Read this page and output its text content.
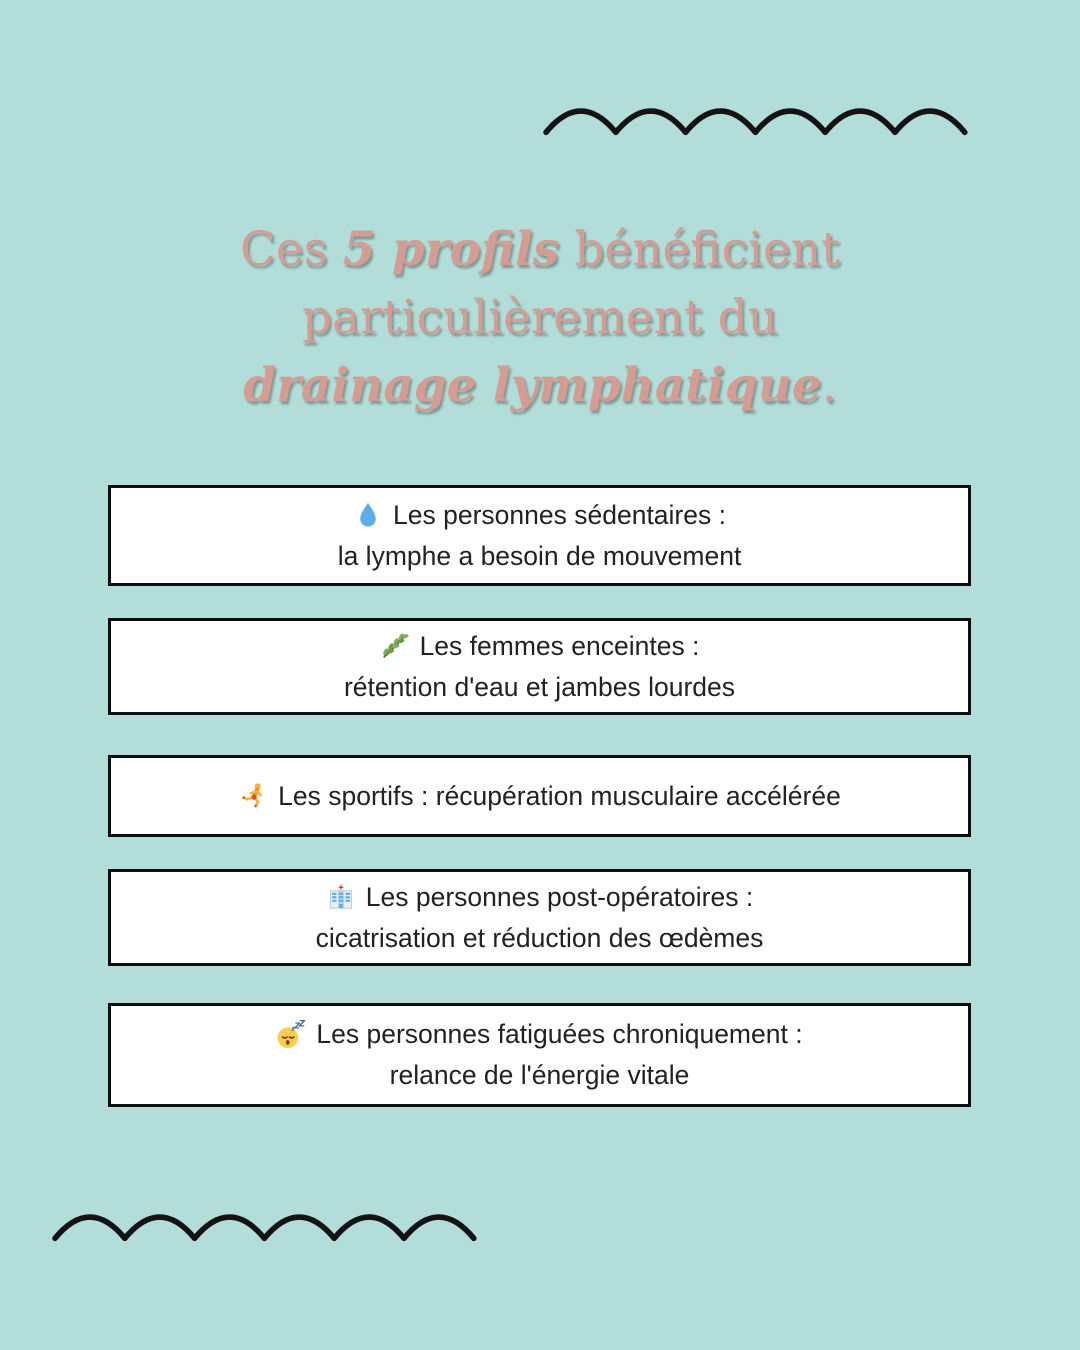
Ces 5 profils bénéficient
particulièrement du
drainage lymphatique.
Les personnes sédentaires :
la lymphe a besoin de mouvement
Les femmes enceintes :
rétention d'eau et jambes lourdes
Les sportifs : récupération musculaire accélérée
Les personnes post-opératoires :
cicatrisation et réduction des œdèmes
z Z
Z Les personnes fatiguées chroniquement :
relance de l'énergie vitale
